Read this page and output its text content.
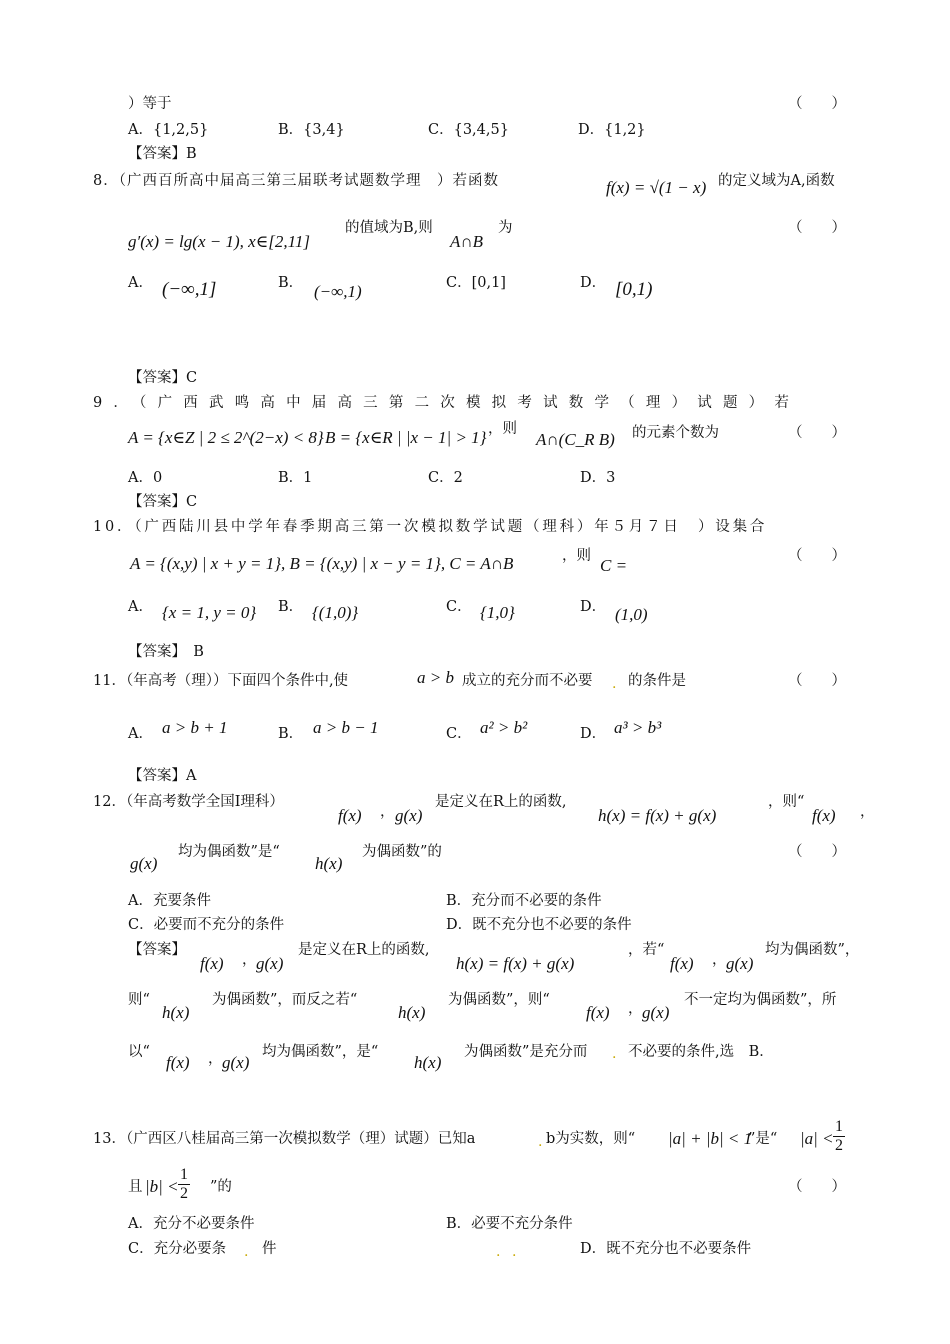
）等于	（　　）
A．{1,2,5}	B．{3,4}	C．{3,4,5}	D．{1,2}
【答案】B
8．（广西百所高中届高三第三届联考试题数学理　）若函数	f(x) = √(1 − x) 的定义域为A,函数
g′(x) = lg(x − 1), x∈[2,11]
的值域为B,则
A∩B
为	（　　）
A． (−∞,1]	B． (−∞,1)	C．[0,1]	D． [0,1)
【答案】C
9．（广西武鸣高中届高三第二次模拟考试数学（理）试题）若
A = {x∈Z | 2 ≤ 2^(2−x) < 8} B = {x∈R | |x − 1| > 1} ，则
A∩(C_R B) 的元素个数为	（　　）
A．0	B．1	C．2	D．3
【答案】C
10．（广西陆川县中学年春季期高三第一次模拟数学试题（理科）年５月７日　）设集合
A = {(x,y) | x + y = 1}, B = {(x,y) | x − y = 1}, C = A∩B	，则 C =	（　　）
A． {x = 1, y = 0} B． {(1,0)}	C． {1,0}	D． (1,0)
【答案】　B
11．（年高考（理））下面四个条件中,使	a > b 成立的充分而不必要 . 的条件是	（　　）
A． a > b + 1	B． a > b − 1	C． a² > b²	D． a³ > b³
【答案】A
12．（年高考数学全国Ⅰ理科）
f(x) ， g(x)
是定义在R上的函数,
h(x) = f(x) + g(x)
，则“
f(x) ，
g(x)
均为偶函数”是“
h(x)
为偶函数”的	（　　）
A．充要条件	B．充分而不必要的条件
C．必要而不充分的条件	D．既不充分也不必要的条件
【答案】
f(x) ， g(x)
是定义在R上的函数,
h(x) = f(x) + g(x)
，若“
f(x) ， g(x)
均为偶函数”，
则“
h(x)
为偶函数”，而反之若“
h(x)
为偶函数”，则“
f(x) ， g(x)
不一定均为偶函数”，所
以“
f(x) ， g(x)
均为偶函数”，是“
h(x)
为偶函数”是充分而 . 不必要的条件,选　B．
13．（广西区八桂届高三第一次模拟数学（理）试题）已知a	. b为实数，则“ |a| + |b| < 1
”是“ $|a| < \frac{1}{2}$
且 $|b| < \frac{1}{2}$ ”的	（　　）
A．充分不必要条件	B．必要不充分条件
C．充分必要条 . 件	. .	D．既不充分也不必要条件
